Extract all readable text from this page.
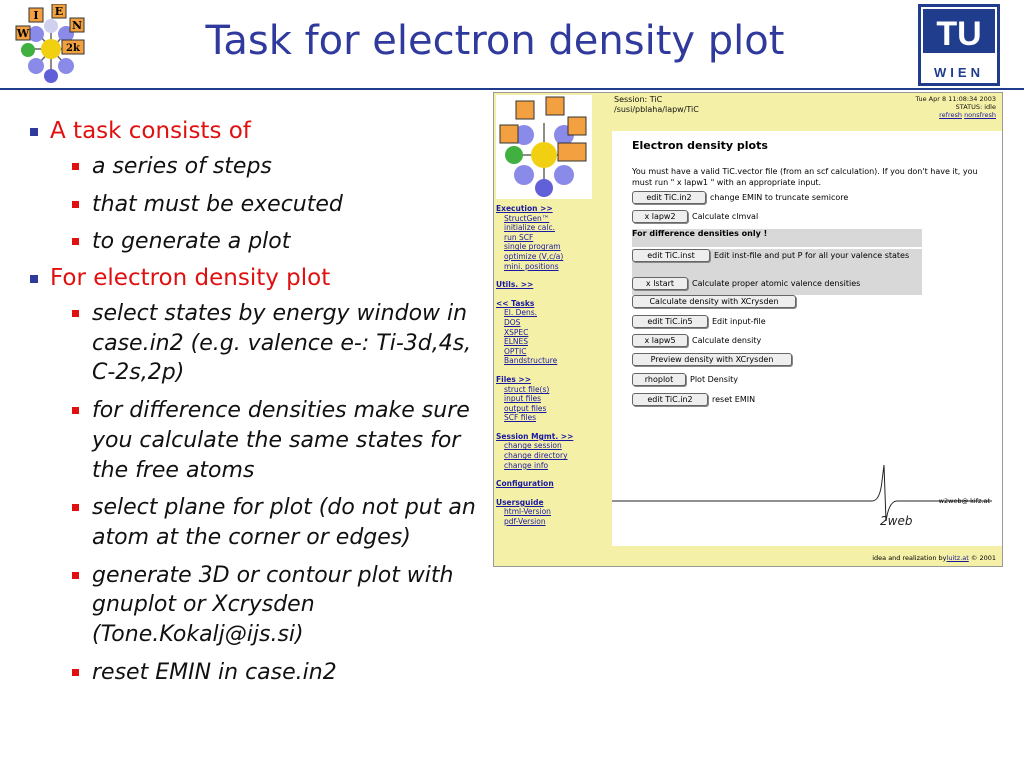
I E
W
N
2k	Task for electron density plot	TU
WIEN
A task consists of
a series of steps
that must be executed
to generate a plot
For electron density plot
select states by energy window in case.in2 (e.g. valence e-: Ti-3d,4s, C-2s,2p)
for difference densities make sure you calculate the same states for the free atoms
select plane for plot (do not put an atom at the corner or edges)
generate 3D or contour plot with gnuplot or Xcrysden (Tone.Kokalj@ijs.si)
reset EMIN in case.in2
Execution >>
StructGen™
initialize calc.
run SCF
single program
optimize (V,c/a)
mini. positions
Utils. >>
<< Tasks
El. Dens.
DOS
XSPEC
ELNES
OPTIC
Bandstructure
Files >>
struct file(s)
input files
output files
SCF files
Session Mgmt. >>
change session
change directory
change info
Configuration
Usersguide
html-Version
pdf-Version
Session: TiC
/susi/pblaha/lapw/TiC
Tue Apr 8 11:08:34 2003
STATUS: idle
refresh nonsfresh
Electron density plots
You must have a valid TiC.vector file (from an scf calculation). If you don't have it, you must run " x lapw1 " with an appropriate input.
edit TiC.in2 change EMIN to truncate semicore
x lapw2 Calculate clmval
For difference densities only !
edit TiC.inst Edit inst-file and put P for all your valence states
x lstart Calculate proper atomic valence densities
Calculate density with XCrysden
edit TiC.in5 Edit input-file
x lapw5 Calculate density
Preview density with XCrysden
rhoplot Plot Density
edit TiC.in2 reset EMIN
2web
w2web@ kifz.at
idea and realization byluitz.at © 2001
